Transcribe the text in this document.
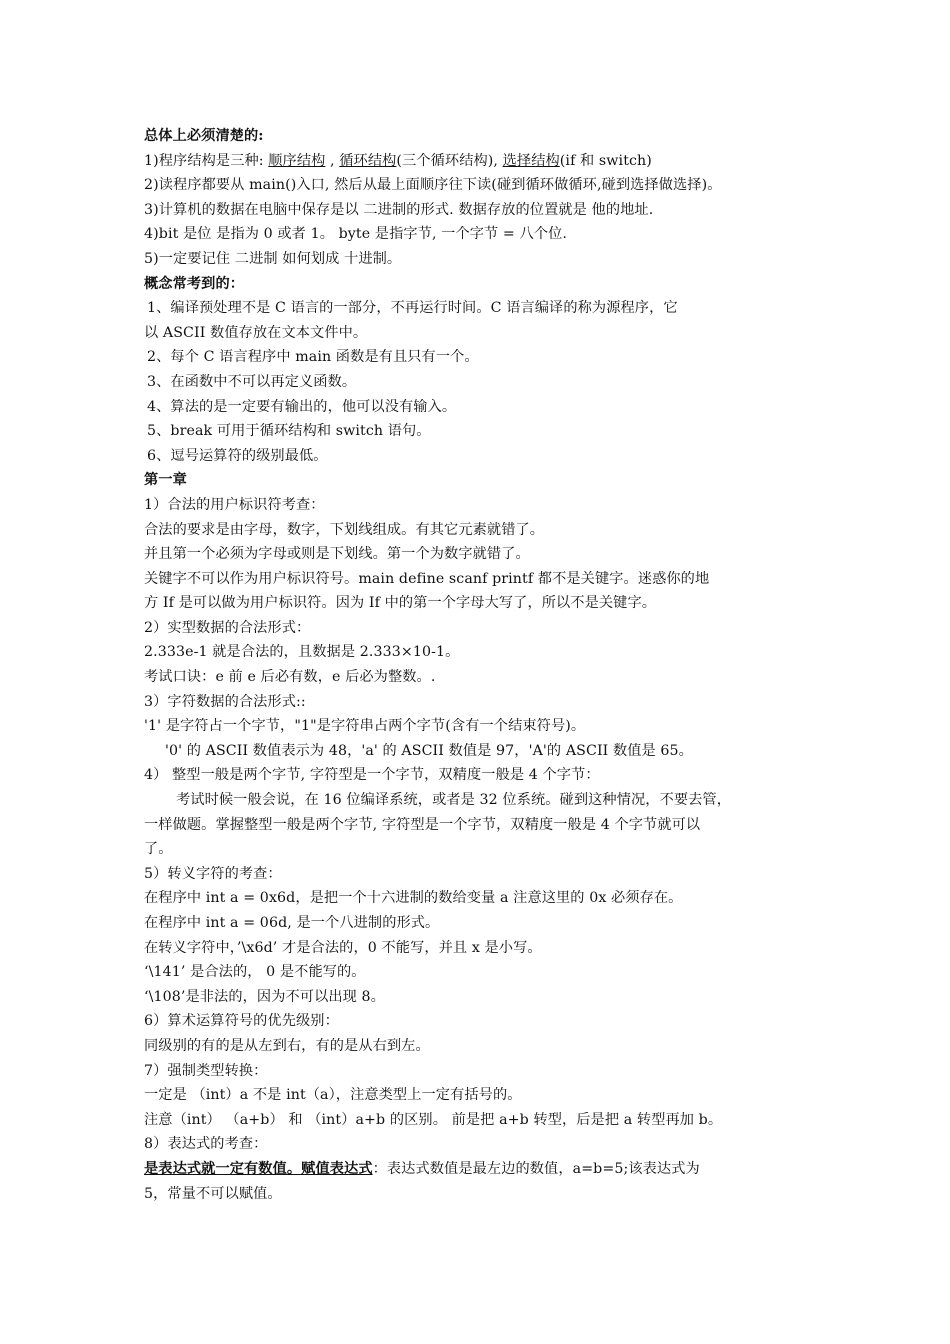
总体上必须清楚的:
1)程序结构是三种: 顺序结构 , 循环结构(三个循环结构), 选择结构(if 和 switch)
2)读程序都要从 main()入口, 然后从最上面顺序往下读(碰到循环做循环,碰到选择做选择)。
3)计算机的数据在电脑中保存是以 二进制的形式. 数据存放的位置就是 他的地址.
4)bit 是位 是指为 0 或者 1。 byte 是指字节, 一个字节 = 八个位.
5)一定要记住 二进制 如何划成 十进制。
概念常考到的：
1、编译预处理不是 C 语言的一部分，不再运行时间。C 语言编译的称为源程序，它
以 ASCII 数值存放在文本文件中。
2、每个 C 语言程序中 main 函数是有且只有一个。
3、在函数中不可以再定义函数。
4、算法的是一定要有输出的，他可以没有输入。
5、break 可用于循环结构和 switch 语句。
6、逗号运算符的级别最低。
第一章
1）合法的用户标识符考查：
合法的要求是由字母，数字，下划线组成。有其它元素就错了。
并且第一个必须为字母或则是下划线。第一个为数字就错了。
关键字不可以作为用户标识符号。main define scanf printf 都不是关键字。迷惑你的地
方 If 是可以做为用户标识符。因为 If 中的第一个字母大写了，所以不是关键字。
2）实型数据的合法形式：
2.333e-1 就是合法的，且数据是 2.333×10-1。
考试口诀：e 前 e 后必有数，e 后必为整数。.
3）字符数据的合法形式::
'1' 是字符占一个字节，"1"是字符串占两个字节(含有一个结束符号)。
'0' 的 ASCII 数值表示为 48，'a' 的 ASCII 数值是 97，'A'的 ASCII 数值是 65。
4） 整型一般是两个字节, 字符型是一个字节，双精度一般是 4 个字节：
考试时候一般会说，在 16 位编译系统，或者是 32 位系统。碰到这种情况，不要去管，
一样做题。掌握整型一般是两个字节, 字符型是一个字节，双精度一般是 4 个字节就可以
了。
5）转义字符的考查：
在程序中 int a = 0x6d，是把一个十六进制的数给变量 a 注意这里的 0x 必须存在。
在程序中 int a = 06d, 是一个八进制的形式。
在转义字符中，’\x6d’ 才是合法的，0 不能写，并且 x 是小写。
‘\141’ 是合法的， 0 是不能写的。
‘\108’是非法的，因为不可以出现 8。
6）算术运算符号的优先级别：
同级别的有的是从左到右，有的是从右到左。
7）强制类型转换：
一定是 （int）a 不是 int（a），注意类型上一定有括号的。
注意（int） （a+b） 和 （int）a+b 的区别。 前是把 a+b 转型，后是把 a 转型再加 b。
8）表达式的考查：
是表达式就一定有数值。赋值表达式：表达式数值是最左边的数值，a=b=5;该表达式为
5，常量不可以赋值。
